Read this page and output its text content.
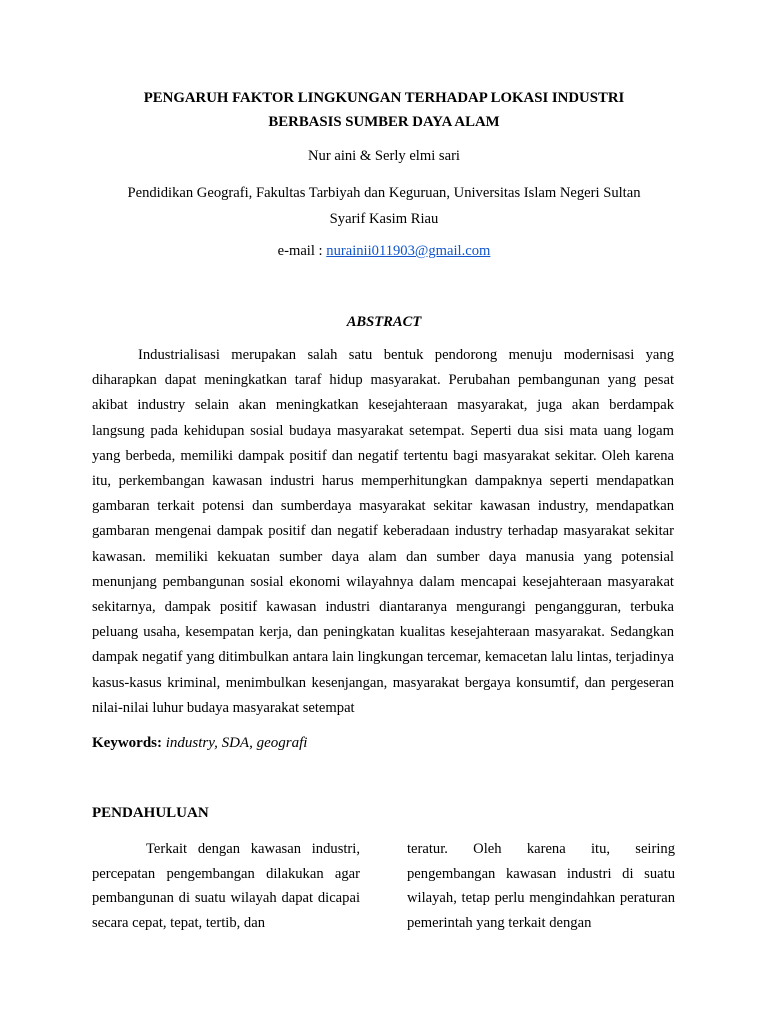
PENGARUH FAKTOR LINGKUNGAN TERHADAP LOKASI INDUSTRI
BERBASIS SUMBER DAYA ALAM
Nur aini & Serly elmi sari
Pendidikan Geografi, Fakultas Tarbiyah dan Keguruan, Universitas Islam Negeri Sultan
Syarif Kasim Riau
e-mail : nurainii011903@gmail.com
ABSTRACT
Industrialisasi merupakan salah satu bentuk pendorong menuju modernisasi yang diharapkan dapat meningkatkan taraf hidup masyarakat. Perubahan pembangunan yang pesat akibat industry selain akan meningkatkan kesejahteraan masyarakat, juga akan berdampak langsung pada kehidupan sosial budaya masyarakat setempat. Seperti dua sisi mata uang logam yang berbeda, memiliki dampak positif dan negatif tertentu bagi masyarakat sekitar. Oleh karena itu, perkembangan kawasan industri harus memperhitungkan dampaknya seperti mendapatkan gambaran terkait potensi dan sumberdaya masyarakat sekitar kawasan industry, mendapatkan gambaran mengenai dampak positif dan negatif keberadaan industry terhadap masyarakat sekitar kawasan. memiliki kekuatan sumber daya alam dan sumber daya manusia yang potensial menunjang pembangunan sosial ekonomi wilayahnya dalam mencapai kesejahteraan masyarakat sekitarnya, dampak positif kawasan industri diantaranya mengurangi pengangguran, terbuka peluang usaha, kesempatan kerja, dan peningkatan kualitas kesejahteraan masyarakat. Sedangkan dampak negatif yang ditimbulkan antara lain lingkungan tercemar, kemacetan lalu lintas, terjadinya kasus-kasus kriminal, menimbulkan kesenjangan, masyarakat bergaya konsumtif, dan pergeseran nilai-nilai luhur budaya masyarakat setempat
Keywords: industry, SDA, geografi
PENDAHULUAN
Terkait dengan kawasan industri, percepatan pengembangan dilakukan agar pembangunan di suatu wilayah dapat dicapai secara cepat, tepat, tertib, dan
teratur. Oleh karena itu, seiring pengembangan kawasan industri di suatu wilayah, tetap perlu mengindahkan peraturan pemerintah yang terkait dengan
